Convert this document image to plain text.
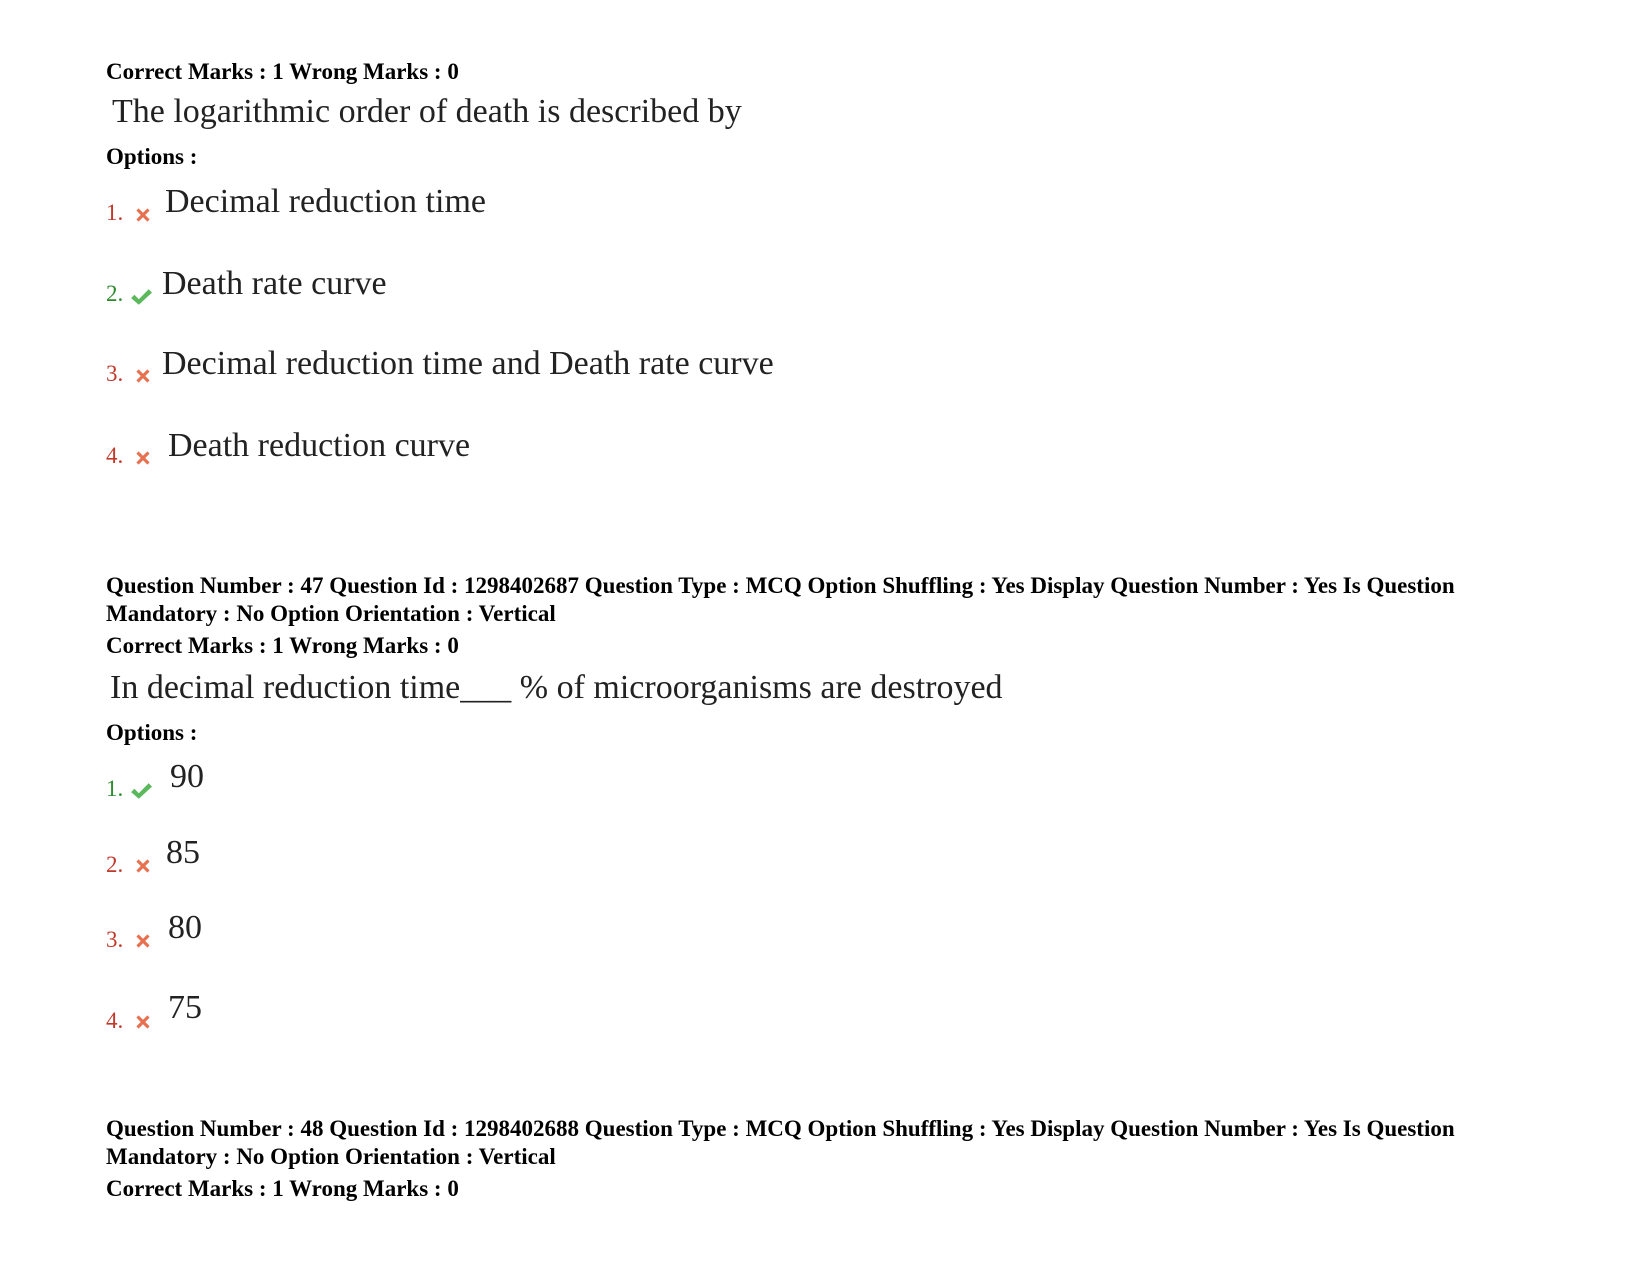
Correct Marks : 1 Wrong Marks : 0
The logarithmic order of death is described by
Options :
1. Decimal reduction time
2. Death rate curve
3. Decimal reduction time and Death rate curve
4. Death reduction curve
Question Number : 47 Question Id : 1298402687 Question Type : MCQ Option Shuffling : Yes Display Question Number : Yes Is Question Mandatory : No Option Orientation : Vertical
Correct Marks : 1 Wrong Marks : 0
In decimal reduction time___ % of microorganisms are destroyed
Options :
1. 90
2. 85
3. 80
4. 75
Question Number : 48 Question Id : 1298402688 Question Type : MCQ Option Shuffling : Yes Display Question Number : Yes Is Question Mandatory : No Option Orientation : Vertical
Correct Marks : 1 Wrong Marks : 0
